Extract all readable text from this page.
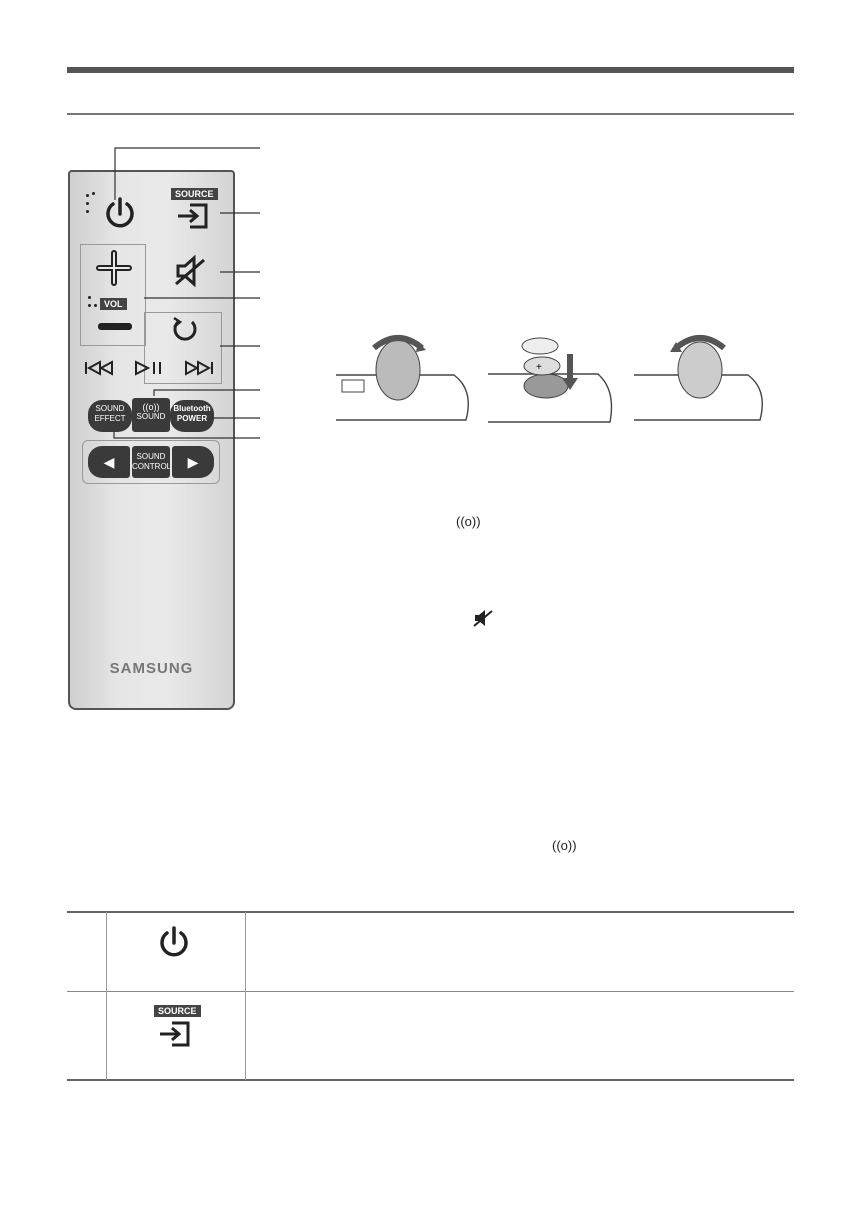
SOURCE
VOL
SOUND
EFFECT
((o))
SOUND
Bluetooth
POWER
◀	SOUND
CONTROL	▶
SAMSUNG
+
((o))
((o))
SOURCE
